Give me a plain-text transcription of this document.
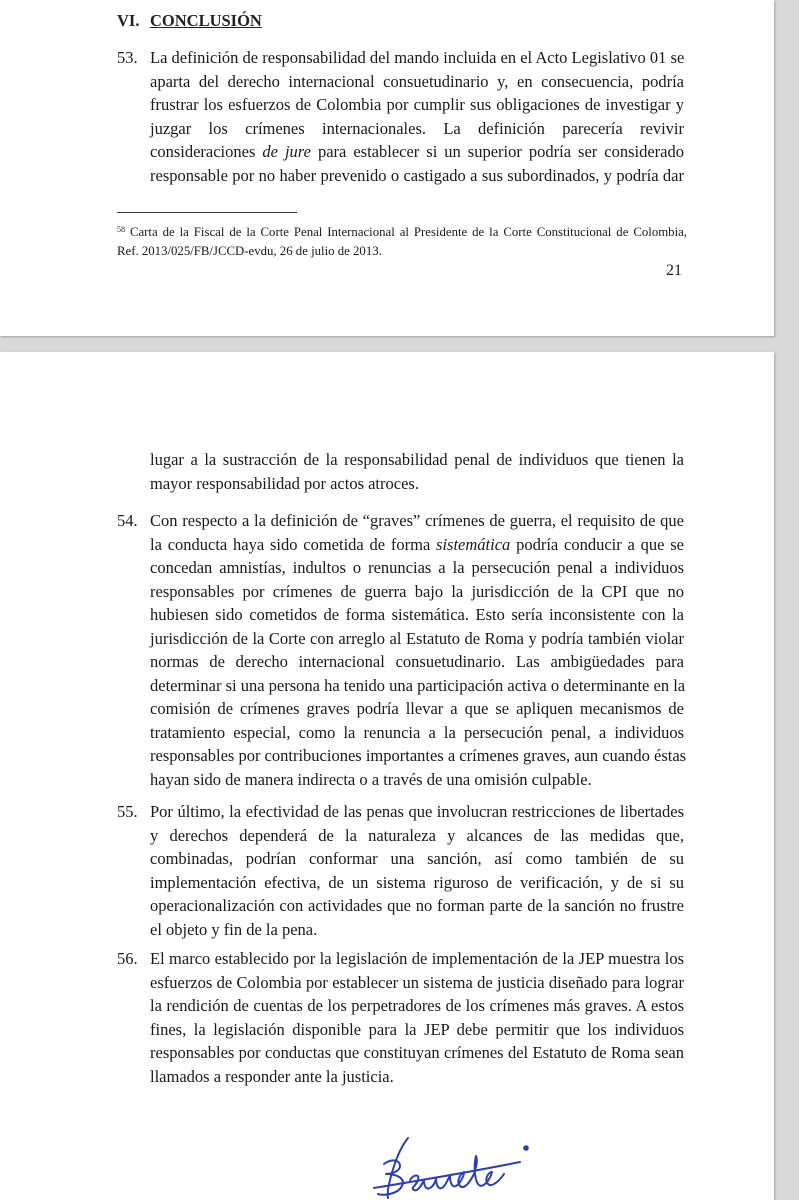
VI. CONCLUSIÓN
53. La definición de responsabilidad del mando incluida en el Acto Legislativo 01 se
aparta del derecho internacional consuetudinario y, en consecuencia, podría
frustrar los esfuerzos de Colombia por cumplir sus obligaciones de investigar y
juzgar los crímenes internacionales. La definición parecería revivir
consideraciones de jure para establecer si un superior podría ser considerado
responsable por no haber prevenido o castigado a sus subordinados, y podría dar
$^{58}$ Carta de la Fiscal de la Corte Penal Internacional al Presidente de la Corte Constitucional de Colombia,
Ref. 2013/025/FB/JCCD-evdu, 26 de julio de 2013.
21
lugar a la sustracción de la responsabilidad penal de individuos que tienen la
mayor responsabilidad por actos atroces.
54. Con respecto a la definición de “graves” crímenes de guerra, el requisito de que
la conducta haya sido cometida de forma sistemática podría conducir a que se
concedan amnistías, indultos o renuncias a la persecución penal a individuos
responsables por crímenes de guerra bajo la jurisdicción de la CPI que no
hubiesen sido cometidos de forma sistemática. Esto sería inconsistente con la
jurisdicción de la Corte con arreglo al Estatuto de Roma y podría también violar
normas de derecho internacional consuetudinario. Las ambigüedades para
determinar si una persona ha tenido una participación activa o determinante en la
comisión de crímenes graves podría llevar a que se apliquen mecanismos de
tratamiento especial, como la renuncia a la persecución penal, a individuos
responsables por contribuciones importantes a crímenes graves, aun cuando éstas
hayan sido de manera indirecta o a través de una omisión culpable.
55. Por último, la efectividad de las penas que involucran restricciones de libertades
y derechos dependerá de la naturaleza y alcances de las medidas que,
combinadas, podrían conformar una sanción, así como también de su
implementación efectiva, de un sistema riguroso de verificación, y de si su
operacionalización con actividades que no forman parte de la sanción no frustre
el objeto y fin de la pena.
56. El marco establecido por la legislación de implementación de la JEP muestra los
esfuerzos de Colombia por establecer un sistema de justicia diseñado para lograr
la rendición de cuentas de los perpetradores de los crímenes más graves. A estos
fines, la legislación disponible para la JEP debe permitir que los individuos
responsables por conductas que constituyan crímenes del Estatuto de Roma sean
llamados a responder ante la justicia.
